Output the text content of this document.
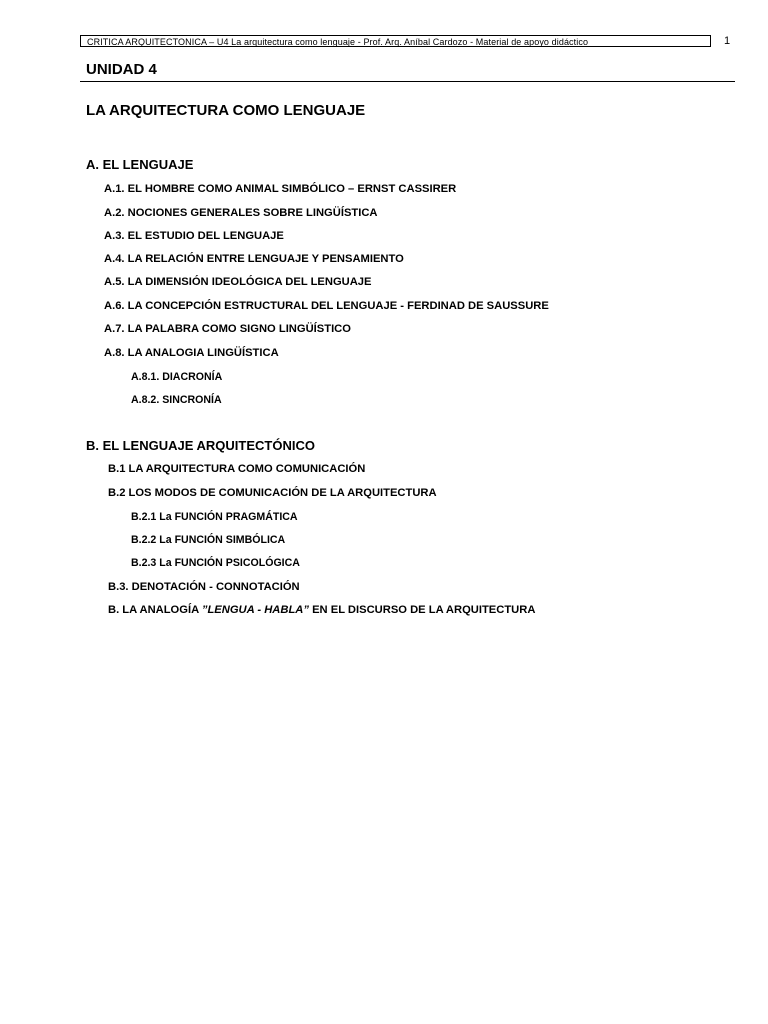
CRITICA ARQUITECTONICA – U4 La arquitectura como lenguaje - Prof. Arq. Aníbal Cardozo - Material de apoyo didáctico	1
UNIDAD 4
LA ARQUITECTURA COMO LENGUAJE
A. EL LENGUAJE
A.1. EL HOMBRE COMO ANIMAL SIMBÓLICO – ERNST CASSIRER
A.2. NOCIONES GENERALES SOBRE LINGÜÍSTICA
A.3. EL ESTUDIO DEL LENGUAJE
A.4. LA RELACIÓN ENTRE LENGUAJE Y PENSAMIENTO
A.5. LA DIMENSIÓN IDEOLÓGICA DEL LENGUAJE
A.6. LA CONCEPCIÓN ESTRUCTURAL DEL LENGUAJE - FERDINAD DE SAUSSURE
A.7. LA PALABRA COMO SIGNO LINGÜÍSTICO
A.8. LA ANALOGIA LINGÜÍSTICA
A.8.1. DIACRONÍA
A.8.2. SINCRONÍA
B. EL LENGUAJE ARQUITECTÓNICO
B.1 LA ARQUITECTURA COMO COMUNICACIÓN
B.2 LOS MODOS DE COMUNICACIÓN DE LA ARQUITECTURA
B.2.1 La FUNCIÓN PRAGMÁTICA
B.2.2 La FUNCIÓN SIMBÓLICA
B.2.3 La FUNCIÓN PSICOLÓGICA
B.3. DENOTACIÓN - CONNOTACIÓN
B. LA ANALOGÍA ”LENGUA - HABLA” EN EL DISCURSO DE LA ARQUITECTURA
